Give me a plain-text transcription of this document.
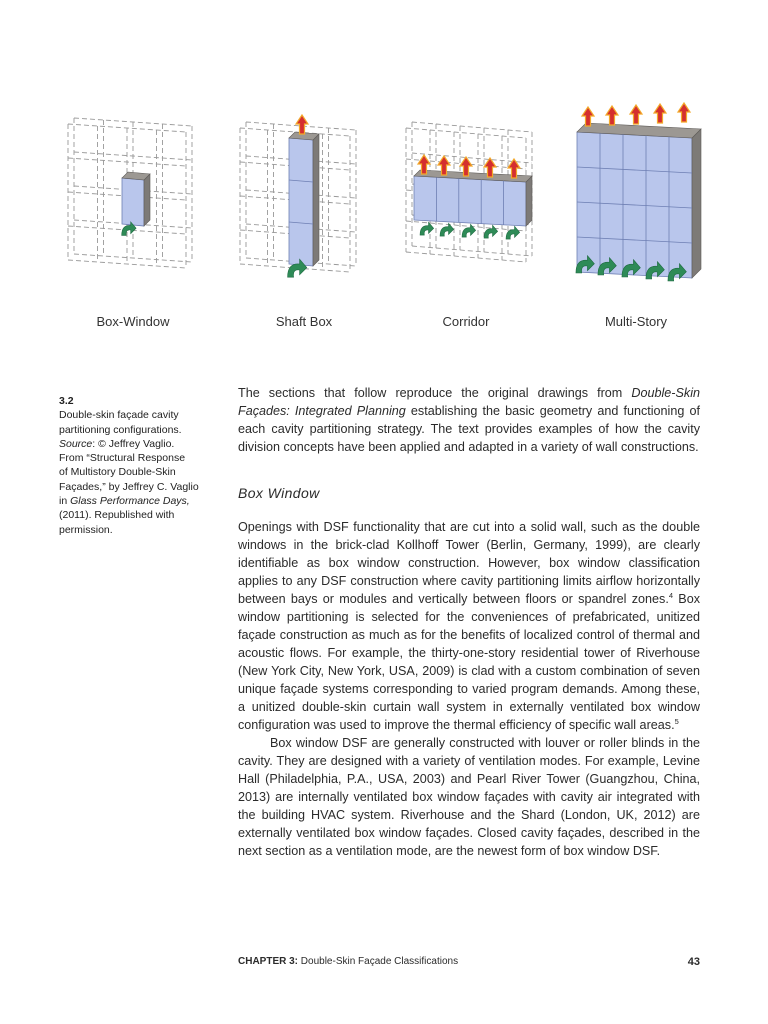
Box-Window	Shaft Box	Corridor	Multi-Story
3.2
Double-skin façade cavity
partitioning configurations.
Source: © Jeffrey Vaglio.
From “Structural Response
of Multistory Double-Skin
Façades,” by Jeffrey C. Vaglio
in Glass Performance Days,
(2011). Republished with
permission.

The sections that follow reproduce the original drawings from Double-Skin Façades: Integrated Planning establishing the basic geometry and functioning of each cavity partitioning strategy. The text provides examples of how the cavity division concepts have been applied and adapted in a variety of wall constructions.

Box Window

Openings with DSF functionality that are cut into a solid wall, such as the double windows in the brick-clad Kollhoff Tower (Berlin, Germany, 1999), are clearly identifiable as box window construction. However, box window classification applies to any DSF construction where cavity partitioning limits airflow horizontally between bays or modules and vertically between floors or spandrel zones.$^4$ Box window partitioning is selected for the conveniences of prefabricated, unitized façade construction as much as for the benefits of localized control of thermal and acoustic flows. For example, the thirty-one-story residential tower of Riverhouse (New York City, New York, USA, 2009) is clad with a custom combination of seven unique façade systems corresponding to varied program demands. Among these, a unitized double-skin curtain wall system in externally ventilated box window configuration was used to improve the thermal efficiency of specific wall areas.$^5$

Box window DSF are generally constructed with louver or roller blinds in the cavity. They are designed with a variety of ventilation modes. For example, Levine Hall (Philadelphia, P.A., USA, 2003) and Pearl River Tower (Guangzhou, China, 2013) are internally ventilated box window façades with cavity air integrated with the building HVAC system. Riverhouse and the Shard (London, UK, 2012) are externally ventilated box window façades. Closed cavity façades, described in the next section as a ventilation mode, are the newest form of box window DSF.

CHAPTER 3: Double-Skin Façade Classifications	43
